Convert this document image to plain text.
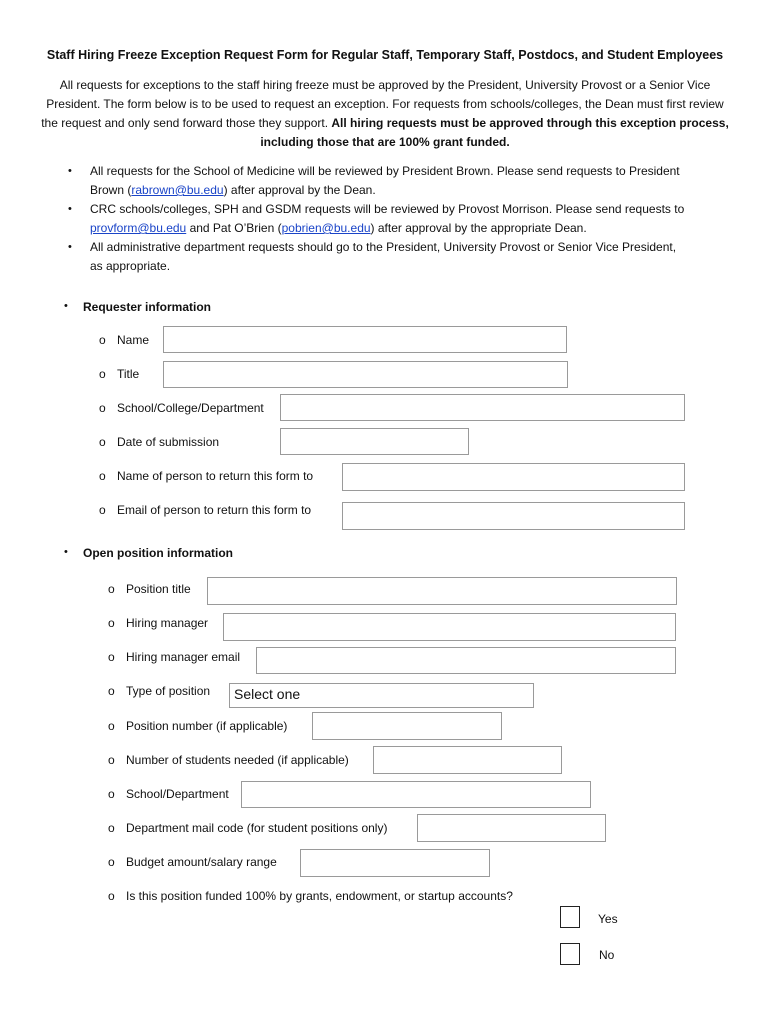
Staff Hiring Freeze Exception Request Form for Regular Staff, Temporary Staff, Postdocs, and Student Employees
All requests for exceptions to the staff hiring freeze must be approved by the President, University Provost or a Senior Vice
President. The form below is to be used to request an exception. For requests from schools/colleges, the Dean must first review
the request and only send forward those they support. All hiring requests must be approved through this exception process,
including those that are 100% grant funded.
• All requests for the School of Medicine will be reviewed by President Brown. Please send requests to President
Brown (rabrown@bu.edu) after approval by the Dean.
• CRC schools/colleges, SPH and GSDM requests will be reviewed by Provost Morrison. Please send requests to
provform@bu.edu and Pat O’Brien (pobrien@bu.edu) after approval by the appropriate Dean.
• All administrative department requests should go to the President, University Provost or Senior Vice President,
as appropriate.
• Requester information
o Name
o Title
o School/College/Department
o Date of submission
o Name of person to return this form to
o Email of person to return this form to
• Open position information
o Position title
o Hiring manager
o Hiring manager email
o Type of position	Select one
o Position number (if applicable)
o Number of students needed (if applicable)
o School/Department
o Department mail code (for student positions only)
o Budget amount/salary range
o Is this position funded 100% by grants, endowment, or startup accounts?
Yes
No
